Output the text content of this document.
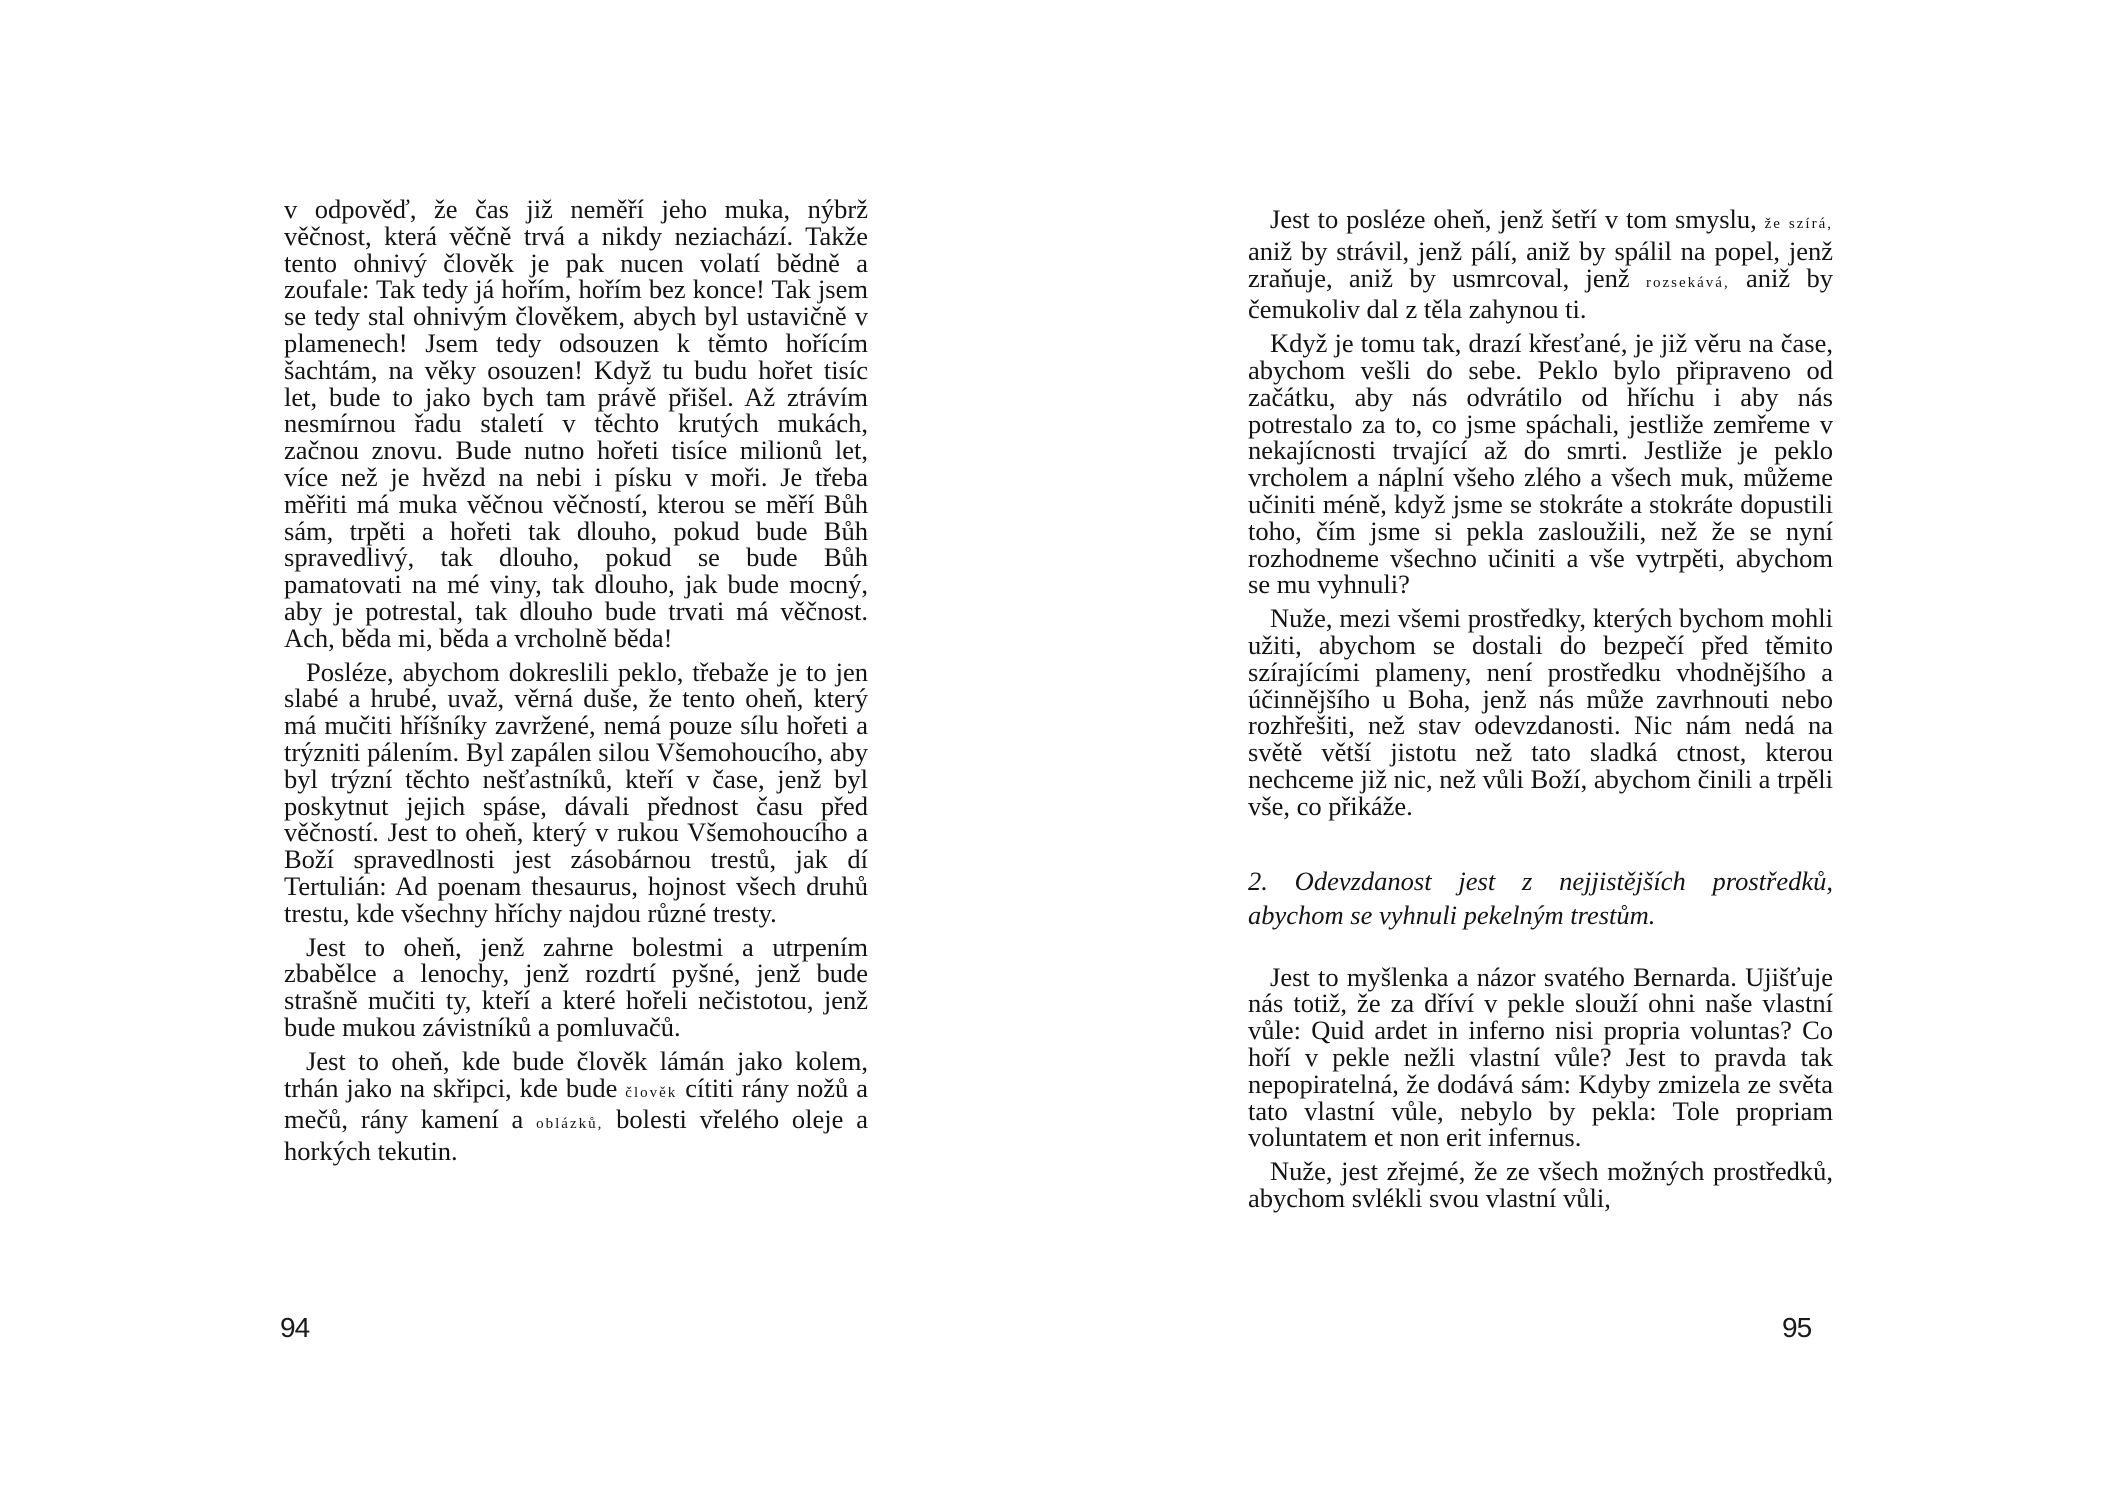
v odpověď, že čas již neměří jeho muka, nýbrž věčnost, která věčně trvá a nikdy neziachází. Takže tento ohnivý člověk je pak nucen volatí bědně a zoufale: Tak tedy já hořím, hořím bez konce! Tak jsem se tedy stal ohnivým člověkem, abych byl ustavičně v plamenech! Jsem tedy odsouzen k těmto hořícím šachtám, na věky osouzen! Když tu budu hořet tisíc let, bude to jako bych tam právě přišel. Až ztrávím nesmírnou řadu staletí v těchto krutých mukách, začnou znovu. Bude nutno hořeti tisíce milionů let, více než je hvězd na nebi i písku v moři. Je třeba měřiti má muka věčnou věčností, kterou se měří Bůh sám, trpěti a hořeti tak dlouho, pokud bude Bůh spravedlivý, tak dlouho, pokud se bude Bůh pamatovati na mé viny, tak dlouho, jak bude mocný, aby je potrestal, tak dlouho bude trvati má věčnost. Ach, běda mi, běda a vrcholně běda!

Posléze, abychom dokreslili peklo, třebaže je to jen slabé a hrubé, uvaž, věrná duše, že tento oheň, který má mučiti hříšníky zavržené, nemá pouze sílu hořeti a trýzniti pálením. Byl zapálen silou Všemohoucího, aby byl trýzní těchto nešťastníků, kteří v čase, jenž byl poskytnut jejich spáse, dávali přednost času před věčností. Jest to oheň, který v rukou Všemohoucího a Boží spravedlnosti jest zásobárnou trestů, jak dí Tertulián: Ad poenam thesaurus, hojnost všech druhů trestu, kde všechny hříchy najdou různé tresty.

Jest to oheň, jenž zahrne bolestmi a utrpením zbabělce a lenochy, jenž rozdrtí pyšné, jenž bude strašně mučiti ty, kteří a které hořeli nečistotou, jenž bude mukou závistníků a pomluvačů.

Jest to oheň, kde bude člověk lámán jako kolem, trhán jako na skřipci, kde bude člověk cítiti rány nožů a mečů, rány kamení a oblázků, bolesti vřelého oleje a horkých tekutin.

94

Jest to posléze oheň, jenž šetří v tom smyslu, že szírá, aniž by strávil, jenž pálí, aniž by spálil na popel, jenž zraňuje, aniž by usmrcoval, jenž rozsekává, aniž by čemukoliv dal z těla zahynou ti.

Když je tomu tak, drazí křesťané, je již věru na čase, abychom vešli do sebe. Peklo bylo připraveno od začátku, aby nás odvrátilo od hříchu i aby nás potrestalo za to, co jsme spáchali, jestliže zemřeme v nekajícnosti trvající až do smrti. Jestliže je peklo vrcholem a náplní všeho zlého a všech muk, můžeme učiniti méně, když jsme se stokráte a stokráte dopustili toho, čím jsme si pekla zasloužili, než že se nyní rozhodneme všechno učiniti a vše vytrpěti, abychom se mu vyhnuli?

Nuže, mezi všemi prostředky, kterých bychom mohli užiti, abychom se dostali do bezpečí před těmito szírajícími plameny, není prostředku vhodnějšího a účinnějšího u Boha, jenž nás může zavrhnouti nebo rozhřešiti, než stav odevzdanosti. Nic nám nedá na světě větší jistotu než tato sladká ctnost, kterou nechceme již nic, než vůli Boží, abychom činili a trpěli vše, co přikáže.

2. Odevzdanost jest z nejjistějších prostředků, abychom se vyhnuli pekelným trestům.

Jest to myšlenka a názor svatého Bernarda. Ujišťuje nás totiž, že za dříví v pekle slouží ohni naše vlastní vůle: Quid ardet in inferno nisi propria voluntas? Co hoří v pekle nežli vlastní vůle? Jest to pravda tak nepopiratelná, že dodává sám: Kdyby zmizela ze světa tato vlastní vůle, nebylo by pekla: Tole propriam voluntatem et non erit infernus.

Nuže, jest zřejmé, že ze všech možných prostředků, abychom svlékli svou vlastní vůli,

95
